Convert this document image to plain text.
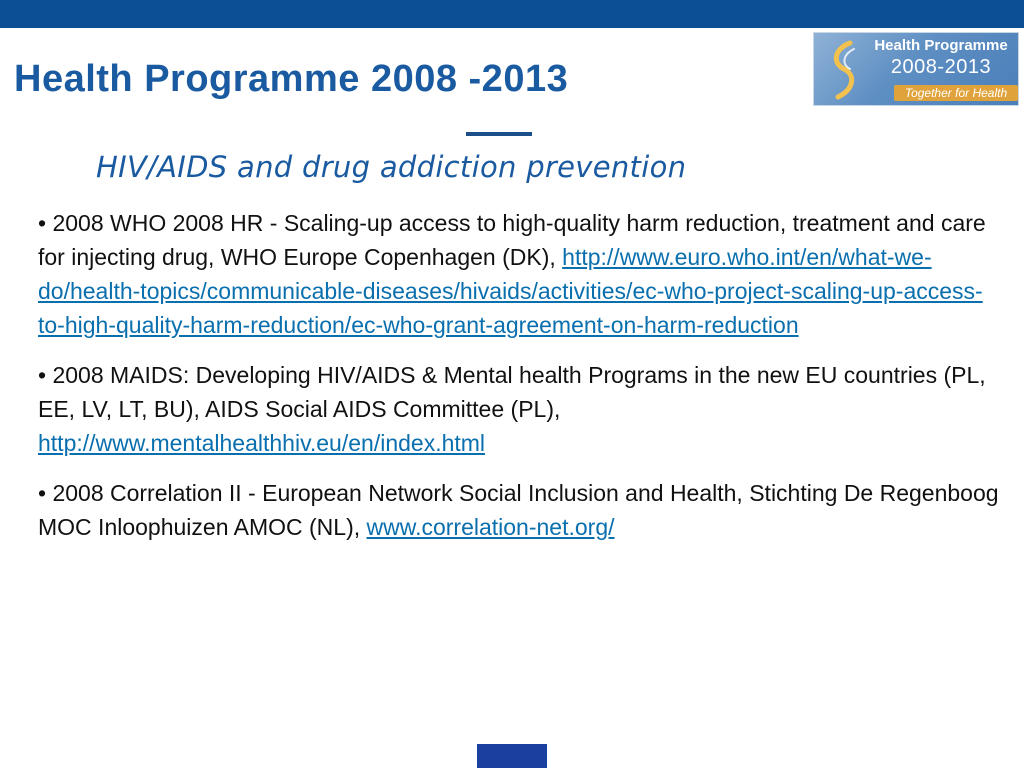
Health Programme 2008 -2013
Health Programme
2008-2013
Together for Health
HIV/AIDS and drug addiction prevention

• 2008 WHO 2008 HR - Scaling-up access to high-quality harm reduction, treatment and care for injecting drug, WHO Europe Copenhagen (DK), http://www.euro.who.int/en/what-we-do/health-topics/communicable-diseases/hivaids/activities/ec-who-project-scaling-up-access-to-high-quality-harm-reduction/ec-who-grant-agreement-on-harm-reduction

• 2008 MAIDS: Developing HIV/AIDS & Mental health Programs in the new EU countries (PL, EE, LV, LT, BU), AIDS Social AIDS Committee (PL), http://www.mentalhealthhiv.eu/en/index.html

• 2008 Correlation II - European Network Social Inclusion and Health, Stichting De Regenboog MOC Inloophuizen AMOC (NL), www.correlation-net.org/
